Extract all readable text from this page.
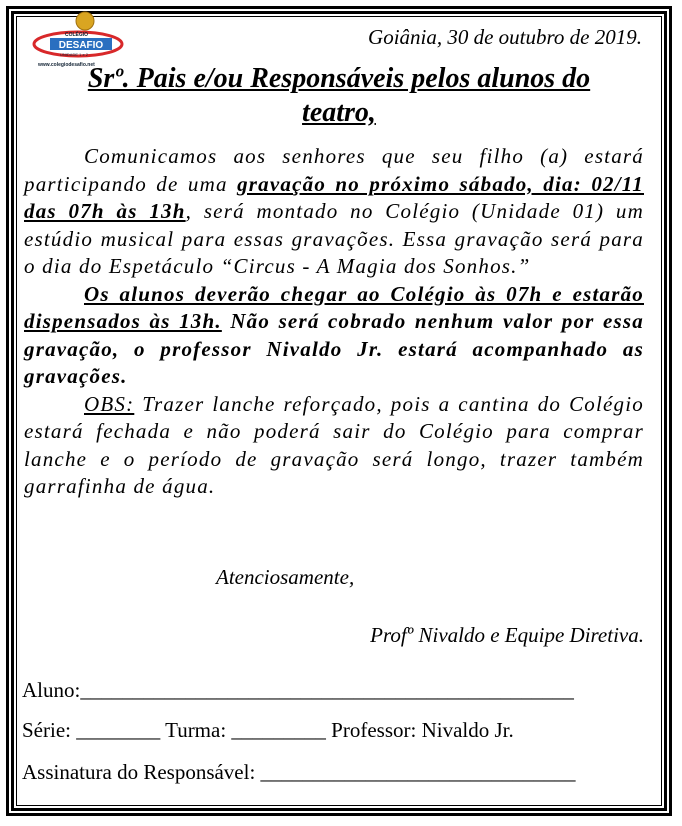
DESAFIO
COLÉGIO
UNIDADE 1 e 2
www.colegiodesafio.net
Goiânia, 30 de outubro de 2019.
Srº. Pais e/ou Responsáveis pelos alunos do
teatro,

Comunicamos aos senhores que seu filho (a) estará participando de uma gravação no próximo sábado, dia: 02/11 das 07h às 13h, será montado no Colégio (Unidade 01) um estúdio musical para essas gravações. Essa gravação será para o dia do Espetáculo “Circus - A Magia dos Sonhos.”

Os alunos deverão chegar ao Colégio às 07h e estarão dispensados às 13h. Não será cobrado nenhum valor por essa gravação, o professor Nivaldo Jr. estará acompanhado as gravações.

OBS: Trazer lanche reforçado, pois a cantina do Colégio estará fechada e não poderá sair do Colégio para comprar lanche e o período de gravação será longo, trazer também garrafinha de água.

Atenciosamente,
Profº Nivaldo e Equipe Diretiva.
Aluno:_______________________________________________
Série: ________ Turma: _________ Professor: Nivaldo Jr.
Assinatura do Responsável: ______________________________
